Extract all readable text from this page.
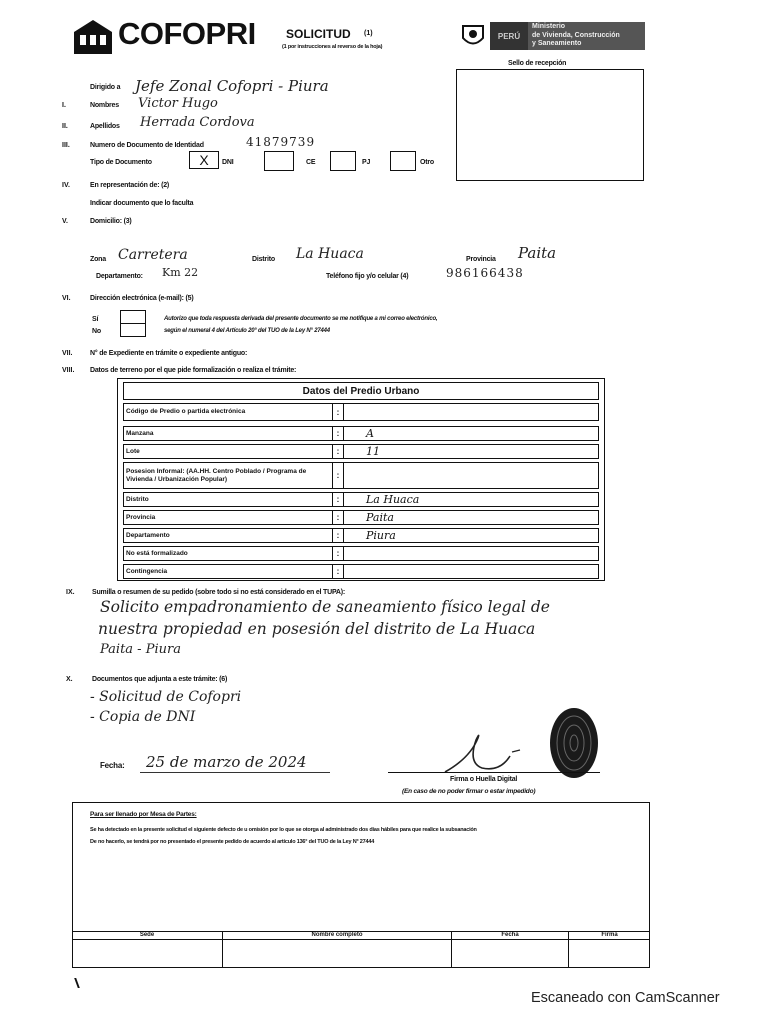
COFOPRI	SOLICITUD (1)
(1 por instrucciones al reverso de la hoja)
PERÚ
Ministerio
de Vivienda, Construcción
y Saneamiento
Sello de recepción
Dirigido a Jefe Zonal Cofopri - Piura
I.	Nombres Victor Hugo
II.	Apellidos Herrada Cordova
III.	Numero de Documento de Identidad	41879739
Tipo de Documento	X DNI	CE	PJ	Otro
IV.	En representación de: (2)
Indicar documento que lo faculta
V.	Domicilio: (3)
Zona Carretera	Distrito La Huaca	Provincia Paita
Departamento: Km 22	Teléfono fijo y/o celular (4)	986166438
VI.	Dirección electrónica (e-mail): (5)
Sí
No
Autorizo que toda respuesta derivada del presente documento se me notifique a mi correo electrónico,
según el numeral 4 del Artículo 20° del TUO de la Ley N° 27444
VII. N° de Expediente en trámite o expediente antiguo:
VIII. Datos de terreno por el que pide formalización o realiza el trámite:
Datos del Predio Urbano
Código de Predio o partida electrónica	:
Manzana	:	A
Lote	:	11
Posesion Informal: (AA.HH. Centro Poblado / Programa de Vivienda / Urbanización Popular)	:
Distrito	:	La Huaca
Provincia	:	Paita
Departamento	:	Piura
No está formalizado	:
Contingencia	:
IX. Sumilla o resumen de su pedido (sobre todo si no está considerado en el TUPA):
Solicito empadronamiento de saneamiento físico legal de
nuestra propiedad en posesión del distrito de La Huaca
Paita - Piura
X.	Documentos que adjunta a este trámite: (6)
- Solicitud de Cofopri
- Copia de DNI
Fecha: 25 de marzo de 2024
Firma o Huella Digital
(En caso de no poder firmar o estar impedido)
Para ser llenado por Mesa de Partes:
Se ha detectado en la presente solicitud el siguiente defecto de u omisión por lo que se otorga al administrado dos días hábiles para que realice la subsanación
De no hacerlo, se tendrá por no presentado el presente pedido de acuerdo al artículo 136° del TUO de la Ley N° 27444
Sede	Nombre completo	Fecha	Firma
Escaneado con CamScanner
